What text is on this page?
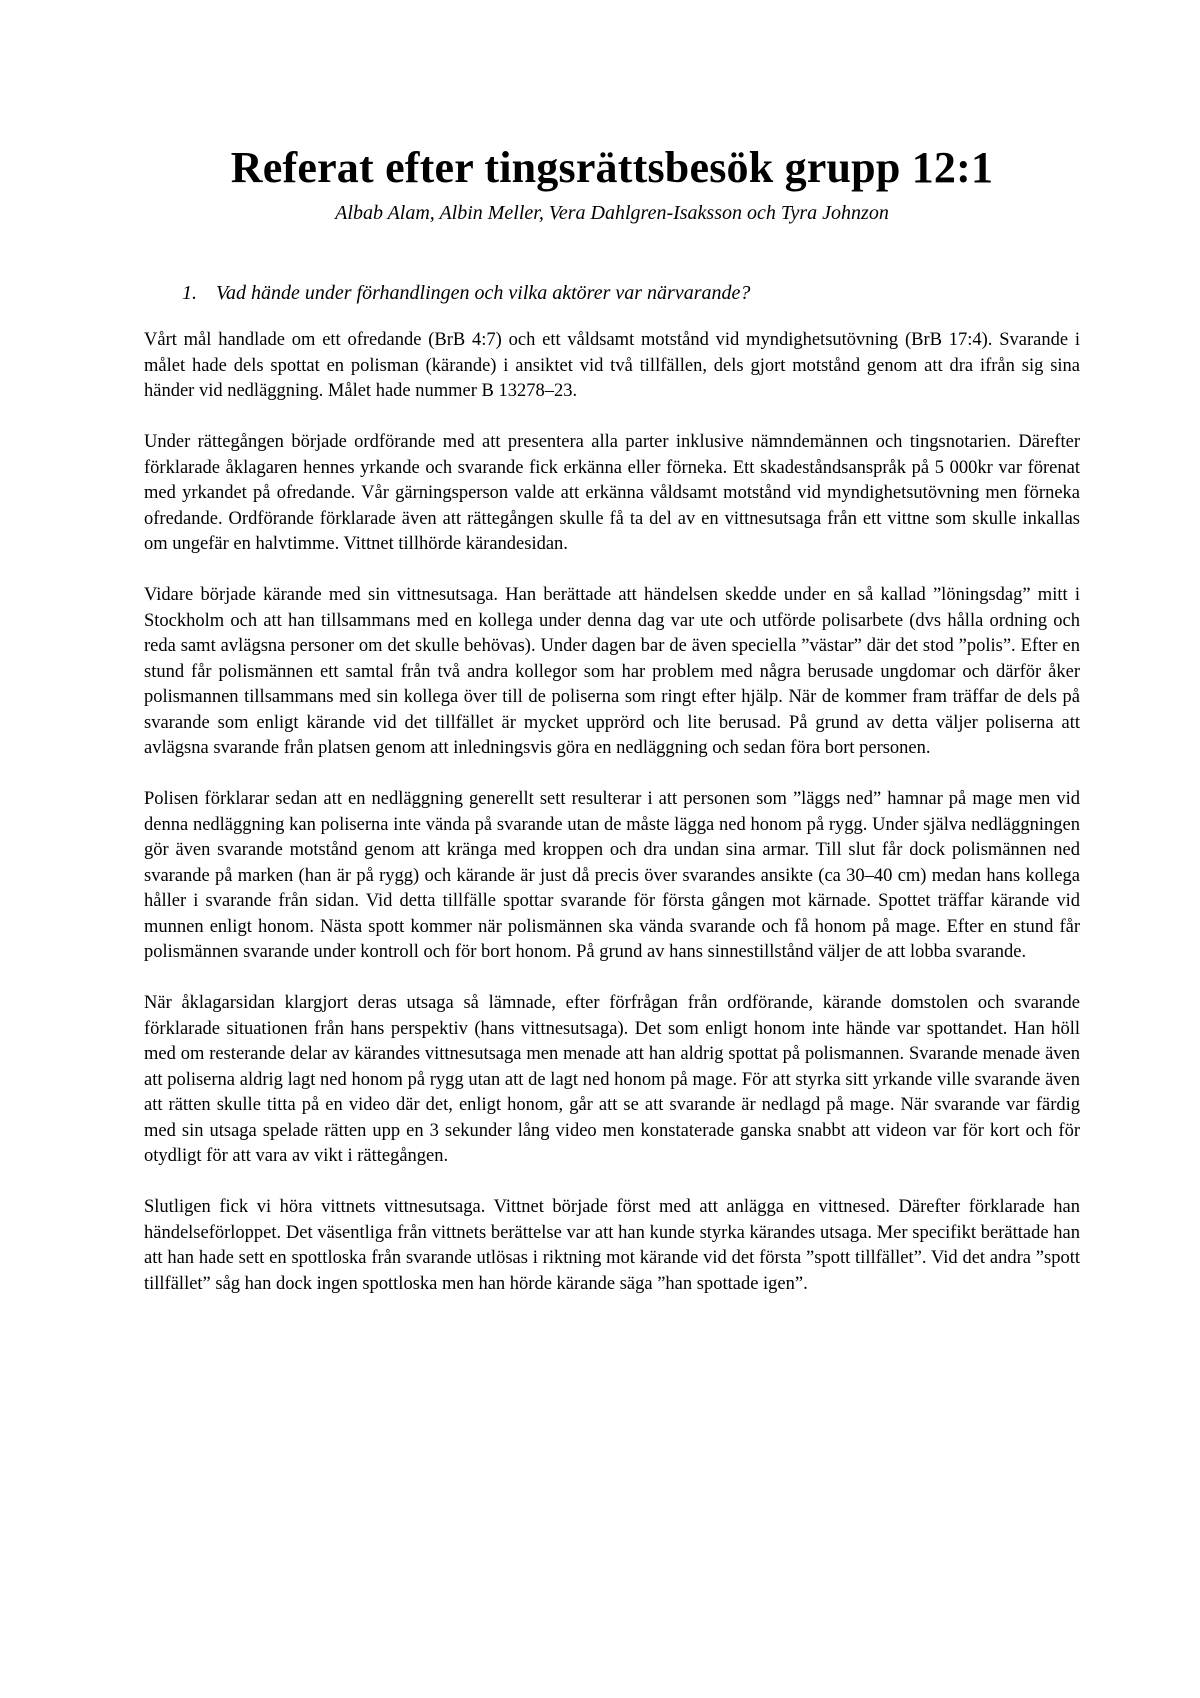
Referat efter tingsrättsbesök grupp 12:1

Albab Alam, Albin Meller, Vera Dahlgren-Isaksson och Tyra Johnzon

1. Vad hände under förhandlingen och vilka aktörer var närvarande?

Vårt mål handlade om ett ofredande (BrB 4:7) och ett våldsamt motstånd vid myndighetsutövning (BrB 17:4). Svarande i målet hade dels spottat en polisman (kärande) i ansiktet vid två tillfällen, dels gjort motstånd genom att dra ifrån sig sina händer vid nedläggning. Målet hade nummer B 13278–23.

Under rättegången började ordförande med att presentera alla parter inklusive nämndemännen och tingsnotarien. Därefter förklarade åklagaren hennes yrkande och svarande fick erkänna eller förneka. Ett skadeståndsanspråk på 5 000kr var förenat med yrkandet på ofredande. Vår gärningsperson valde att erkänna våldsamt motstånd vid myndighetsutövning men förneka ofredande. Ordförande förklarade även att rättegången skulle få ta del av en vittnesutsaga från ett vittne som skulle inkallas om ungefär en halvtimme. Vittnet tillhörde kärandesidan.

Vidare började kärande med sin vittnesutsaga. Han berättade att händelsen skedde under en så kallad ”löningsdag” mitt i Stockholm och att han tillsammans med en kollega under denna dag var ute och utförde polisarbete (dvs hålla ordning och reda samt avlägsna personer om det skulle behövas). Under dagen bar de även speciella ”västar” där det stod ”polis”. Efter en stund får polismännen ett samtal från två andra kollegor som har problem med några berusade ungdomar och därför åker polismannen tillsammans med sin kollega över till de poliserna som ringt efter hjälp. När de kommer fram träffar de dels på svarande som enligt kärande vid det tillfället är mycket upprörd och lite berusad. På grund av detta väljer poliserna att avlägsna svarande från platsen genom att inledningsvis göra en nedläggning och sedan föra bort personen.

Polisen förklarar sedan att en nedläggning generellt sett resulterar i att personen som ”läggs ned” hamnar på mage men vid denna nedläggning kan poliserna inte vända på svarande utan de måste lägga ned honom på rygg. Under själva nedläggningen gör även svarande motstånd genom att kränga med kroppen och dra undan sina armar. Till slut får dock polismännen ned svarande på marken (han är på rygg) och kärande är just då precis över svarandes ansikte (ca 30–40 cm) medan hans kollega håller i svarande från sidan. Vid detta tillfälle spottar svarande för första gången mot kärnade. Spottet träffar kärande vid munnen enligt honom. Nästa spott kommer när polismännen ska vända svarande och få honom på mage. Efter en stund får polismännen svarande under kontroll och för bort honom. På grund av hans sinnestillstånd väljer de att lobba svarande.

När åklagarsidan klargjort deras utsaga så lämnade, efter förfrågan från ordförande, kärande domstolen och svarande förklarade situationen från hans perspektiv (hans vittnesutsaga). Det som enligt honom inte hände var spottandet. Han höll med om resterande delar av kärandes vittnesutsaga men menade att han aldrig spottat på polismannen. Svarande menade även att poliserna aldrig lagt ned honom på rygg utan att de lagt ned honom på mage. För att styrka sitt yrkande ville svarande även att rätten skulle titta på en video där det, enligt honom, går att se att svarande är nedlagd på mage. När svarande var färdig med sin utsaga spelade rätten upp en 3 sekunder lång video men konstaterade ganska snabbt att videon var för kort och för otydligt för att vara av vikt i rättegången.

Slutligen fick vi höra vittnets vittnesutsaga. Vittnet började först med att anlägga en vittnesed. Därefter förklarade han händelseförloppet. Det väsentliga från vittnets berättelse var att han kunde styrka kärandes utsaga. Mer specifikt berättade han att han hade sett en spottloska från svarande utlösas i riktning mot kärande vid det första ”spott tillfället”. Vid det andra ”spott tillfället” såg han dock ingen spottloska men han hörde kärande säga ”han spottade igen”.
